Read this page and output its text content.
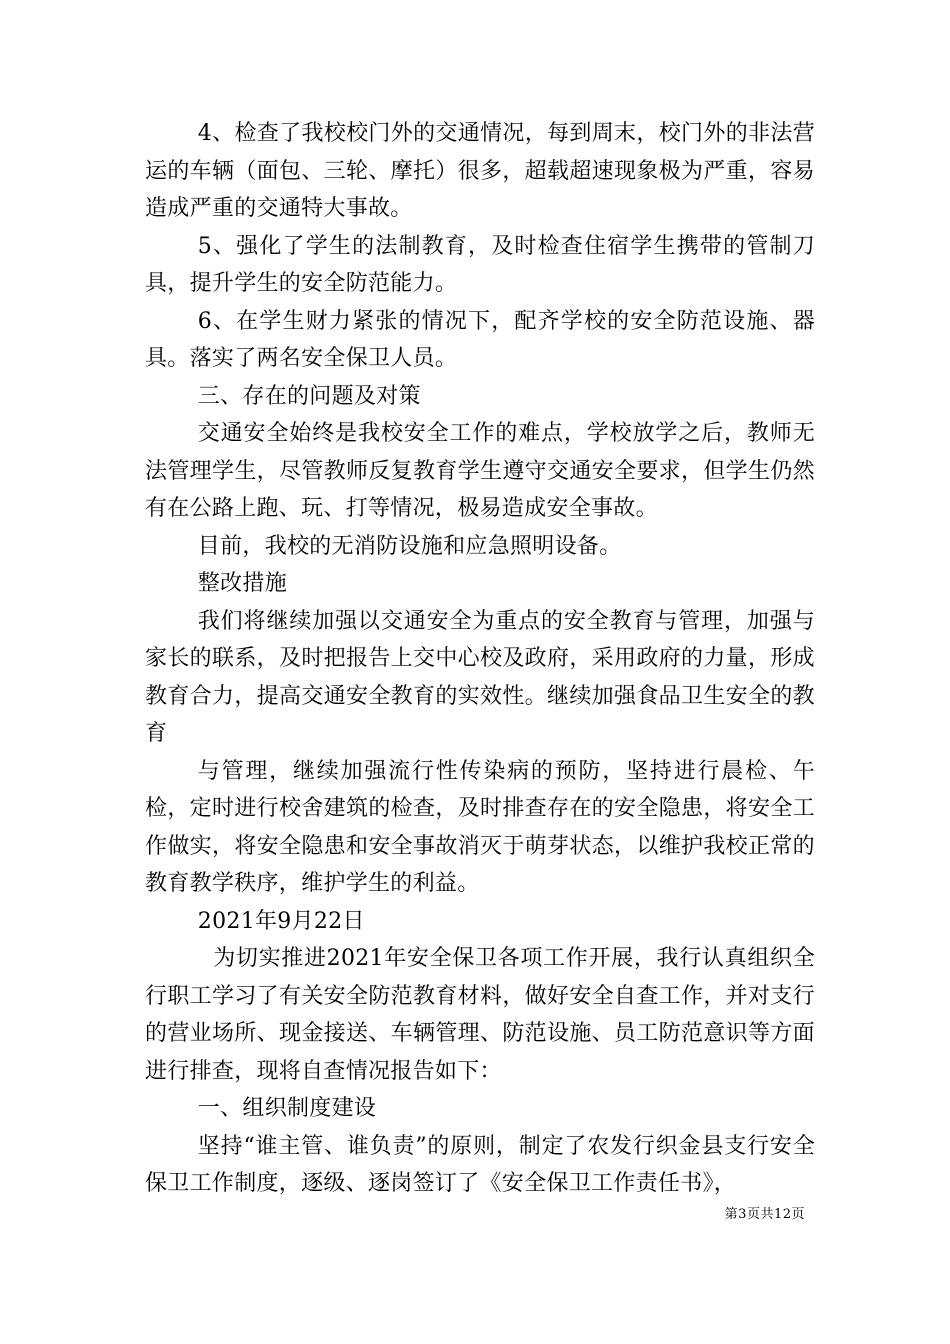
4、检查了我校校门外的交通情况，每到周末，校门外的非法营运的车辆（面包、三轮、摩托）很多，超载超速现象极为严重，容易造成严重的交通特大事故。

5、强化了学生的法制教育，及时检查住宿学生携带的管制刀具，提升学生的安全防范能力。

6、在学生财力紧张的情况下，配齐学校的安全防范设施、器具。落实了两名安全保卫人员。

三、存在的问题及对策

交通安全始终是我校安全工作的难点，学校放学之后，教师无法管理学生，尽管教师反复教育学生遵守交通安全要求，但学生仍然有在公路上跑、玩、打等情况，极易造成安全事故。

目前，我校的无消防设施和应急照明设备。

整改措施

我们将继续加强以交通安全为重点的安全教育与管理，加强与家长的联系，及时把报告上交中心校及政府，采用政府的力量，形成教育合力，提高交通安全教育的实效性。继续加强食品卫生安全的教育

与管理，继续加强流行性传染病的预防，坚持进行晨检、午检，定时进行校舍建筑的检查，及时排查存在的安全隐患，将安全工作做实，将安全隐患和安全事故消灭于萌芽状态，以维护我校正常的教育教学秩序，维护学生的利益。

2021年9月22日

为切实推进2021年安全保卫各项工作开展，我行认真组织全行职工学习了有关安全防范教育材料，做好安全自查工作，并对支行的营业场所、现金接送、车辆管理、防范设施、员工防范意识等方面进行排查，现将自查情况报告如下：

一、组织制度建设

坚持“谁主管、谁负责”的原则，制定了农发行织金县支行安全保卫工作制度，逐级、逐岗签订了《安全保卫工作责任书》，

第3页共12页
